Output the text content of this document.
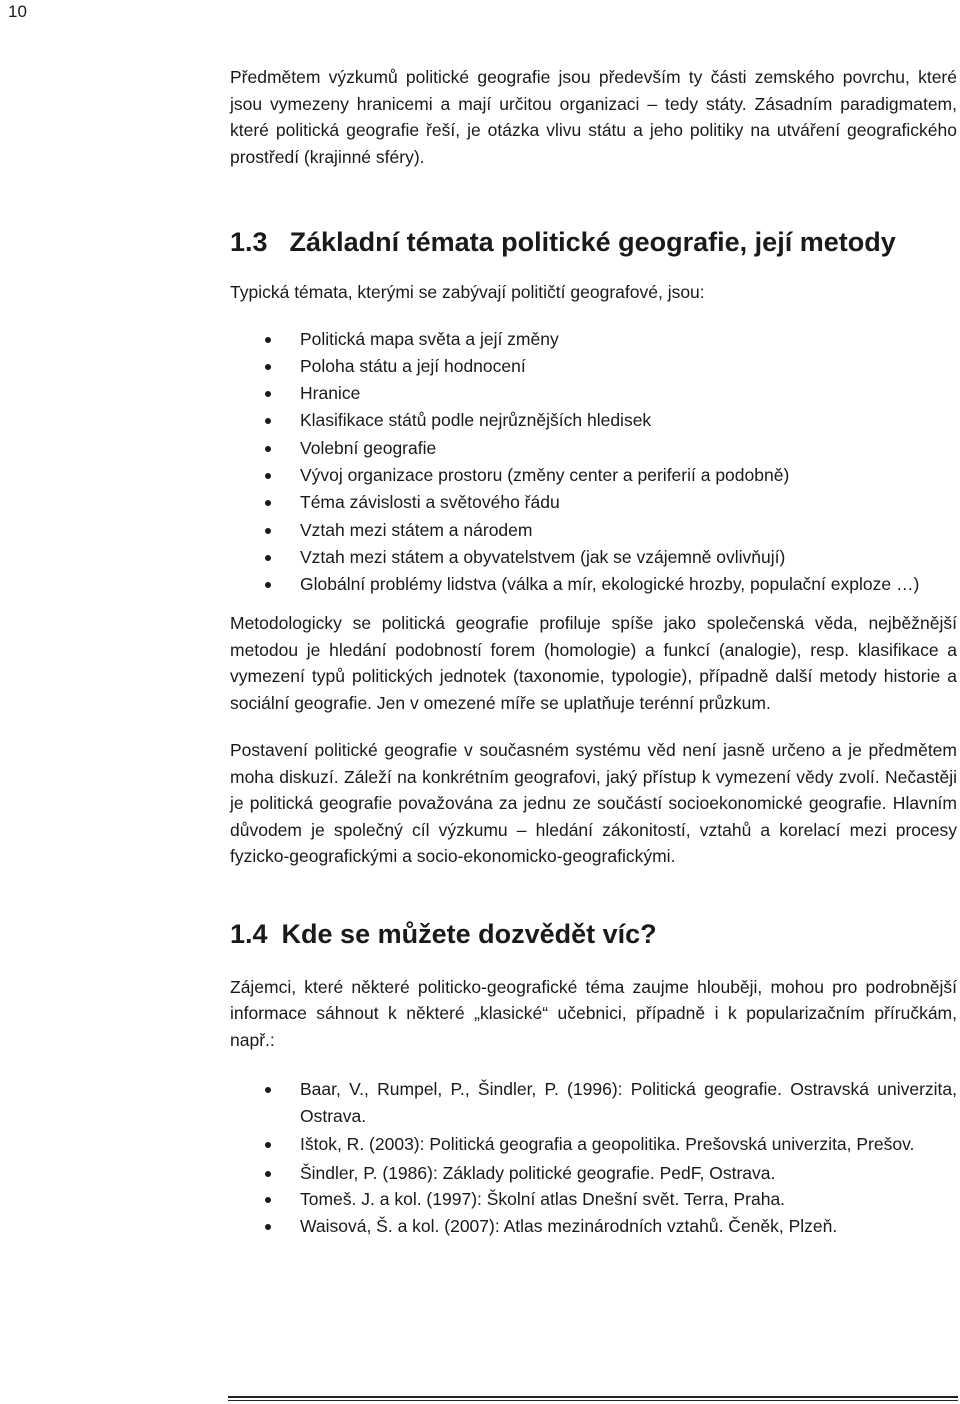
10

Předmětem výzkumů politické geografie jsou především ty části zemského povrchu, které jsou vymezeny hranicemi a mají určitou organizaci – tedy státy. Zásadním paradigmatem, které politická geografie řeší, je otázka vlivu státu a jeho politiky na utváření geografického prostředí (krajinné sféry).

1.3 Základní témata politické geografie, její metody

Typická témata, kterými se zabývají političtí geografové, jsou:

Politická mapa světa a její změny
Poloha státu a její hodnocení
Hranice
Klasifikace států podle nejrůznějších hledisek
Volební geografie
Vývoj organizace prostoru (změny center a periferií a podobně)
Téma závislosti a světového řádu
Vztah mezi státem a národem
Vztah mezi státem a obyvatelstvem (jak se vzájemně ovlivňují)
Globální problémy lidstva (válka a mír, ekologické hrozby, populační exploze …)

Metodologicky se politická geografie profiluje spíše jako společenská věda, nejběžnější metodou je hledání podobností forem (homologie) a funkcí (analogie), resp. klasifikace a vymezení typů politických jednotek (taxonomie, typologie), případně další metody historie a sociální geografie. Jen v omezené míře se uplatňuje terénní průzkum.

Postavení politické geografie v současném systému věd není jasně určeno a je předmětem moha diskuzí. Záleží na konkrétním geografovi, jaký přístup k vymezení vědy zvolí. Nečastěji je politická geografie považována za jednu ze součástí socioekonomické geografie. Hlavním důvodem je společný cíl výzkumu – hledání zákonitostí, vztahů a korelací mezi procesy fyzicko-geografickými a socio-ekonomicko-geografickými.

1.4 Kde se můžete dozvědět víc?

Zájemci, které některé politicko-geografické téma zaujme hlouběji, mohou pro podrobnější informace sáhnout k některé „klasické“ učebnici, případně i k popularizačním příručkám, např.:

Baar, V., Rumpel, P., Šindler, P. (1996): Politická geografie. Ostravská univerzita, Ostrava.
Ištok, R. (2003): Politická geografia a geopolitika. Prešovská univerzita, Prešov.
Šindler, P. (1986): Základy politické geografie. PedF, Ostrava.
Tomeš. J. a kol. (1997): Školní atlas Dnešní svět. Terra, Praha.
Waisová, Š. a kol. (2007): Atlas mezinárodních vztahů. Čeněk, Plzeň.
